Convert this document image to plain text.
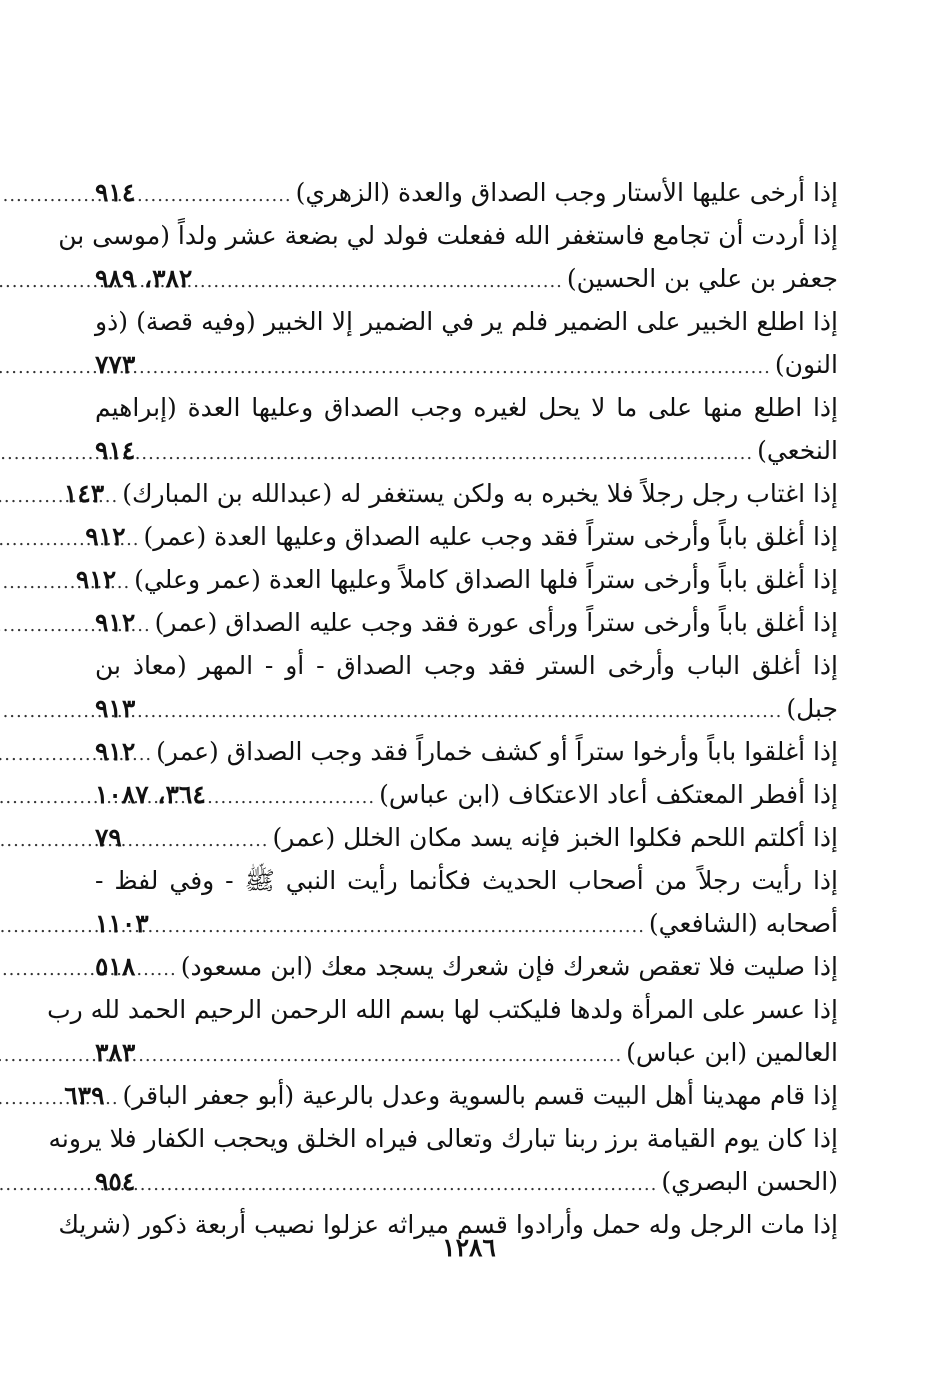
إذا أرخى عليها الأستار وجب الصداق والعدة (الزهري)
.....
٩١٤
إذا أردت أن تجامع فاستغفر الله ففعلت فولد لي بضعة عشر ولداً (موسى بن
جعفر بن علي بن الحسين)
.....
٣٨٢، ٩٨٩
إذا اطلع الخبير على الضمير فلم ير في الضمير إلا الخبير (وفيه قصة) (ذو
النون)
.....
٧٧٣
إذا اطلع منها على ما لا يحل لغيره وجب الصداق وعليها العدة (إبراهيم
النخعي)
.....
٩١٤
إذا اغتاب رجل رجلاً فلا يخبره به ولكن يستغفر له (عبدالله بن المبارك)
.....
١٤٣
إذا أغلق باباً وأرخى ستراً فقد وجب عليه الصداق وعليها العدة (عمر)
.....
٩١٢
إذا أغلق باباً وأرخى ستراً فلها الصداق كاملاً وعليها العدة (عمر وعلي)
.....
٩١٢
إذا أغلق باباً وأرخى ستراً ورأى عورة فقد وجب عليه الصداق (عمر)
.....
٩١٢
إذا أغلق الباب وأرخى الستر فقد وجب الصداق - أو - المهر (معاذ بن
جبل)
.....
٩١٣
إذا أغلقوا باباً وأرخوا ستراً أو كشف خماراً فقد وجب الصداق (عمر)
.....
٩١٢
إذا أفطر المعتكف أعاد الاعتكاف (ابن عباس)
.....
٣٦٤، ١٠٨٧
إذا أكلتم اللحم فكلوا الخبز فإنه يسد مكان الخلل (عمر)
.....
٧٩
إذا رأيت رجلاً من أصحاب الحديث فكأنما رأيت النبي ﷺ - وفي لفظ -
أصحابه (الشافعي)
.....
١١٠٣
إذا صليت فلا تعقص شعرك فإن شعرك يسجد معك (ابن مسعود)
.....
٥١٨
إذا عسر على المرأة ولدها فليكتب لها بسم الله الرحمن الرحيم الحمد لله رب
العالمين (ابن عباس)
.....
٣٨٣
إذا قام مهدينا أهل البيت قسم بالسوية وعدل بالرعية (أبو جعفر الباقر)
.....
٦٣٩
إذا كان يوم القيامة برز ربنا تبارك وتعالى فيراه الخلق ويحجب الكفار فلا يرونه
(الحسن البصري)
.....
٩٥٤
إذا مات الرجل وله حمل وأرادوا قسم ميراثه عزلوا نصيب أربعة ذكور (شريك
١٢٨٦
